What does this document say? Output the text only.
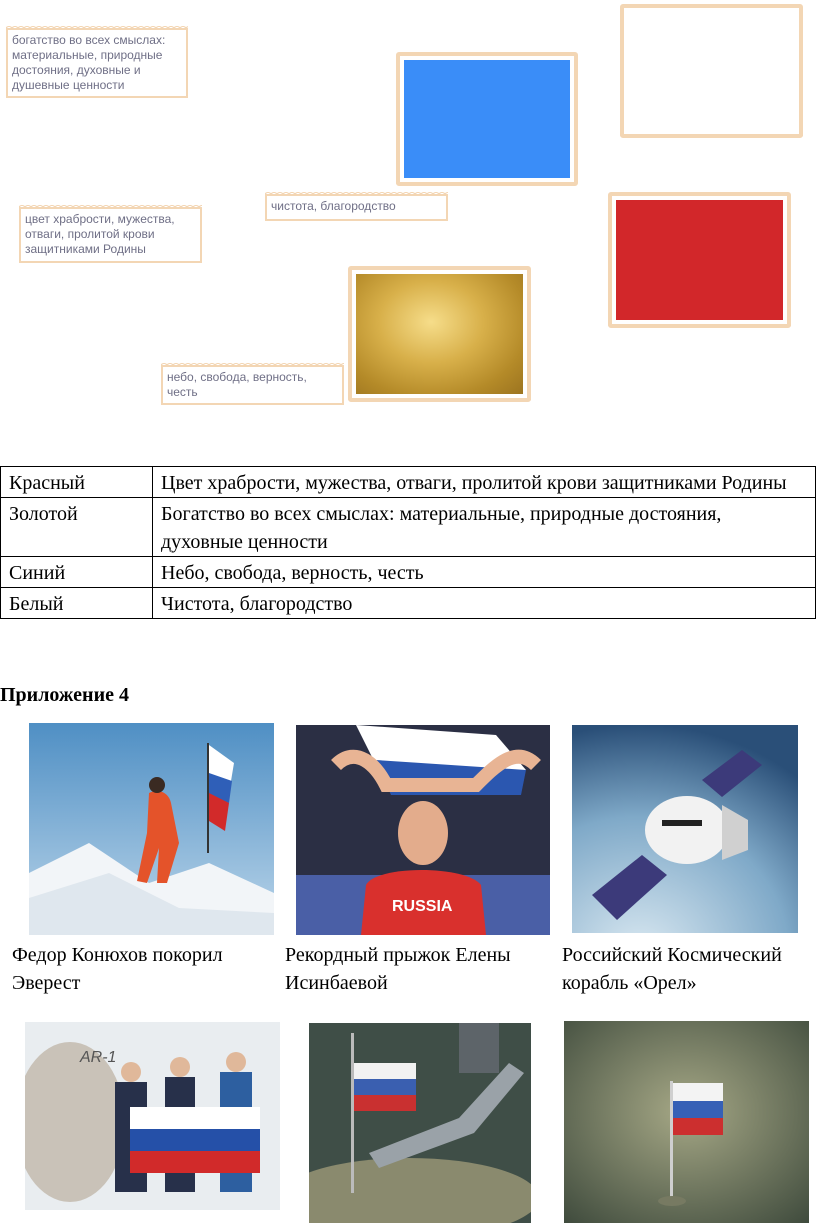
богатство во всех смыслах: материальные, природные достояния, духовные и душевные ценности
чистота, благородство
цвет храбрости, мужества, отваги, пролитой крови защитниками Родины
небо, свобода, верность, честь
Красный	Цвет храбрости, мужества, отваги, пролитой крови защитниками Родины
Золотой	Богатство во всех смыслах: материальные, природные достояния, духовные ценности
Синий	Небо, свобода, верность, честь
Белый	Чистота, благородство
Приложение 4
RUSSIA
Федор Конюхов покорил Эверест
Рекордный прыжок Елены Исинбаевой
Российский Космический корабль «Орел»
AR-1
